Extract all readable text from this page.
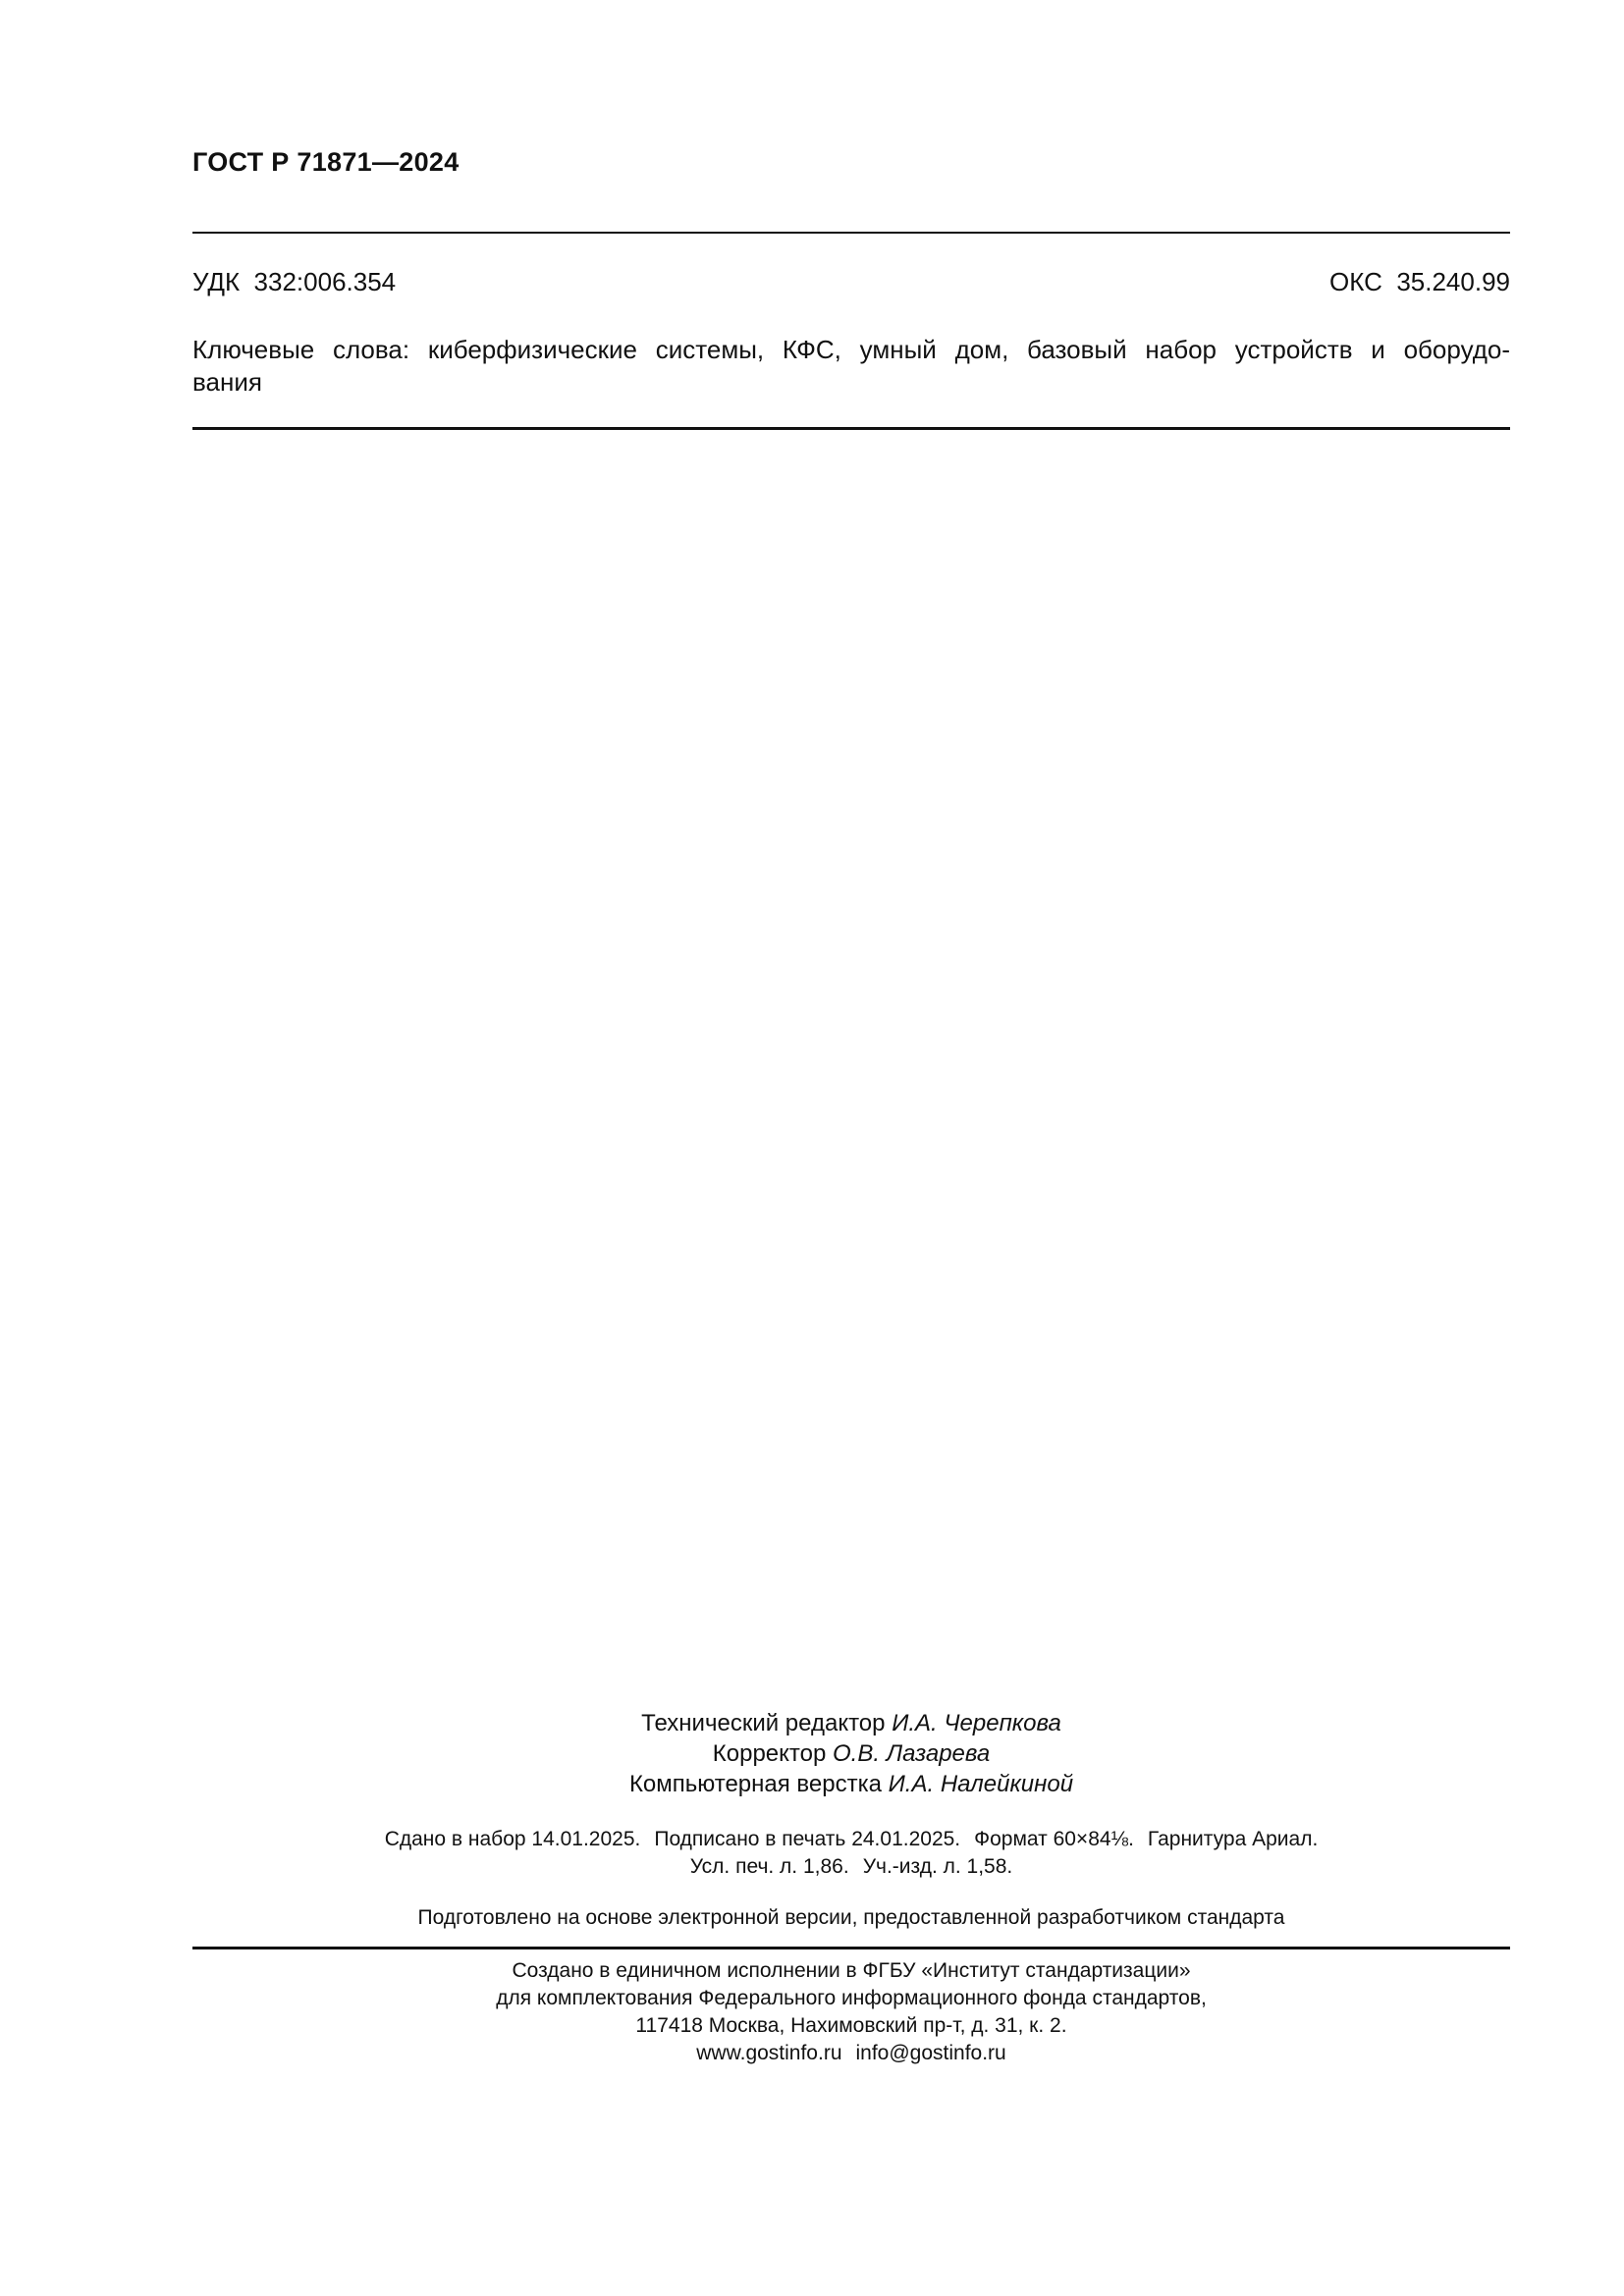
ГОСТ Р 71871—2024
УДК  332:006.354	ОКС  35.240.99
Ключевые слова: киберфизические системы, КФС, умный дом, базовый набор устройств и оборудо-
вания
Технический редактор И.А. Черепкова
Корректор О.В. Лазарева
Компьютерная верстка И.А. Налейкиной
Сдано в набор 14.01.2025. Подписано в печать 24.01.2025. Формат 60×84⅛. Гарнитура Ариал.
Усл. печ. л. 1,86. Уч.-изд. л. 1,58.
Подготовлено на основе электронной версии, предоставленной разработчиком стандарта
Создано в единичном исполнении в ФГБУ «Институт стандартизации»
для комплектования Федерального информационного фонда стандартов,
117418 Москва, Нахимовский пр-т, д. 31, к. 2.
www.gostinfo.ru info@gostinfo.ru
